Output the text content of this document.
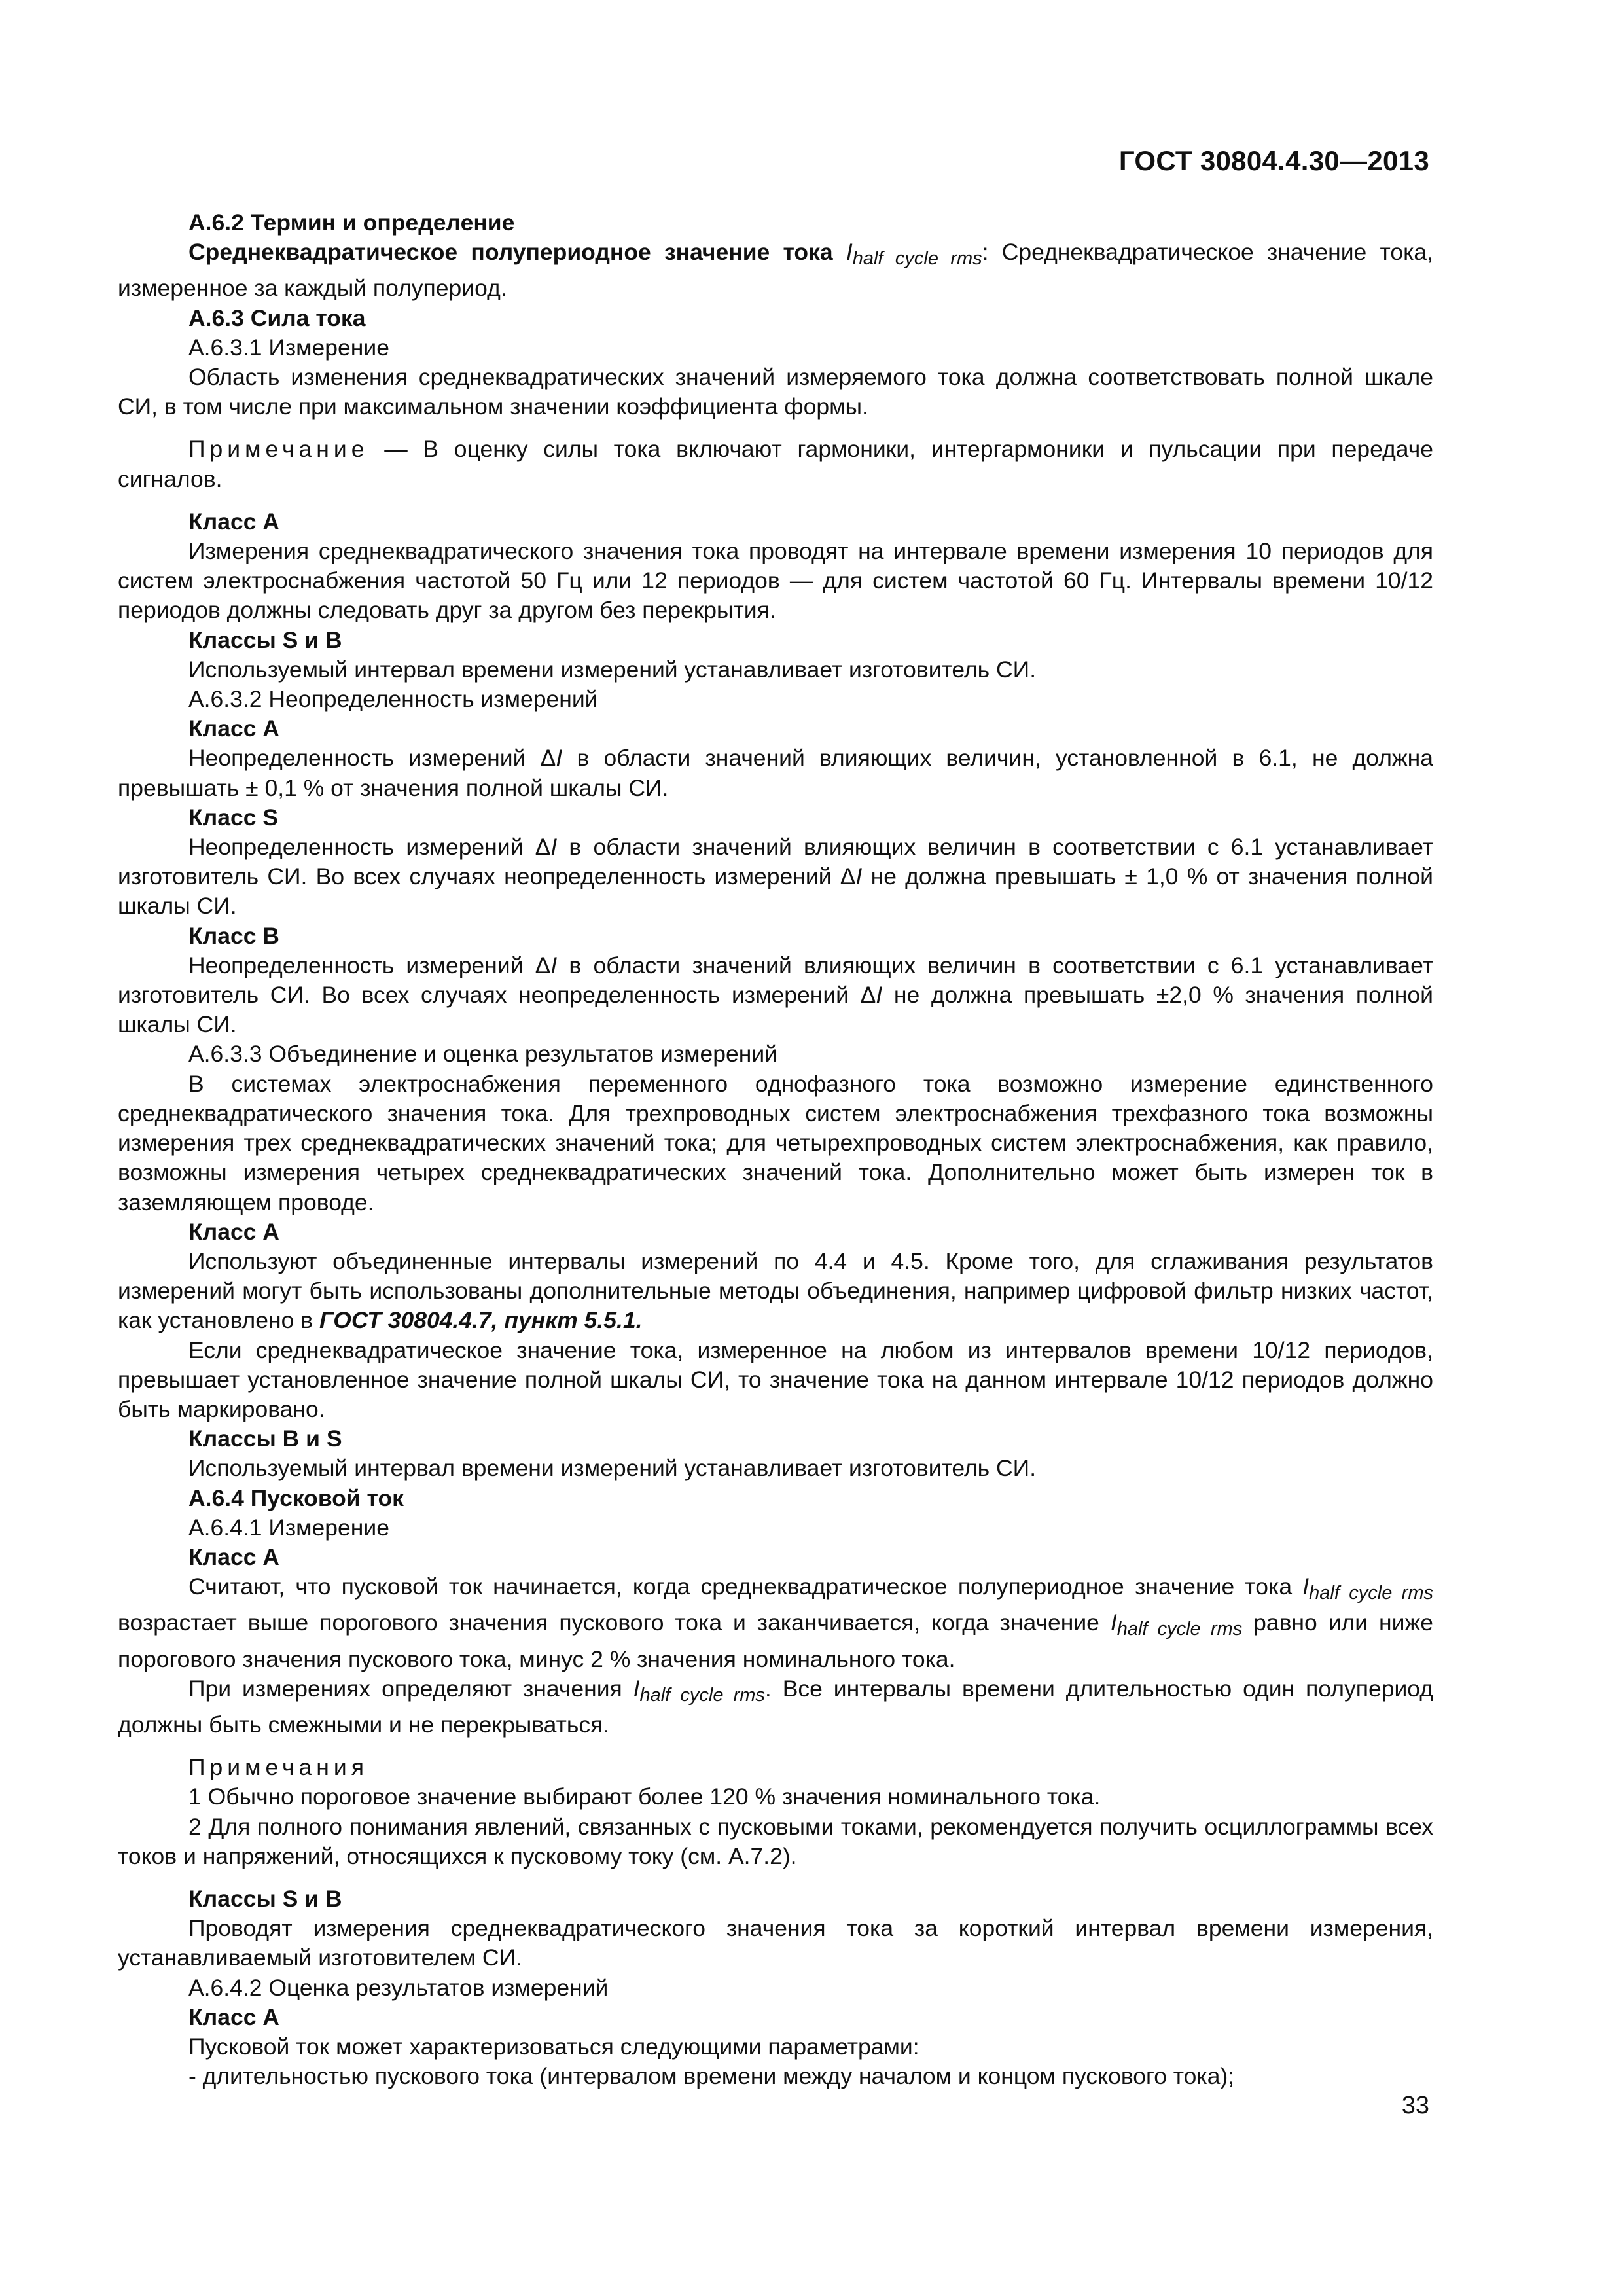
ГОСТ 30804.4.30—2013

А.6.2 Термин и определение

Среднеквадратическое полупериодное значение тока $I_{half cycle rms}$: Среднеквадратическое значение тока, измеренное за каждый полупериод.

А.6.3 Сила тока

А.6.3.1 Измерение

Область изменения среднеквадратических значений измеряемого тока должна соответствовать полной шкале СИ, в том числе при максимальном значении коэффициента формы.

Примечание — В оценку силы тока включают гармоники, интергармоники и пульсации при передаче сигналов.

Класс А

Измерения среднеквадратического значения тока проводят на интервале времени измерения 10 периодов для систем электроснабжения частотой 50 Гц или 12 периодов — для систем частотой 60 Гц. Интервалы времени 10/12 периодов должны следовать друг за другом без перекрытия.

Классы S и В

Используемый интервал времени измерений устанавливает изготовитель СИ.

А.6.3.2 Неопределенность измерений

Класс А

Неопределенность измерений ΔI в области значений влияющих величин, установленной в 6.1, не должна превышать ± 0,1 % от значения полной шкалы СИ.

Класс S

Неопределенность измерений ΔI в области значений влияющих величин в соответствии с 6.1 устанавливает изготовитель СИ. Во всех случаях неопределенность измерений ΔI не должна превышать ± 1,0 % от значения полной шкалы СИ.

Класс В

Неопределенность измерений ΔI в области значений влияющих величин в соответствии с 6.1 устанавливает изготовитель СИ. Во всех случаях неопределенность измерений ΔI не должна превышать ±2,0 % значения полной шкалы СИ.

А.6.3.3 Объединение и оценка результатов измерений

В системах электроснабжения переменного однофазного тока возможно измерение единственного среднеквадратического значения тока. Для трехпроводных систем электроснабжения трехфазного тока возможны измерения трех среднеквадратических значений тока; для четырехпроводных систем электроснабжения, как правило, возможны измерения четырех среднеквадратических значений тока. Дополнительно может быть измерен ток в заземляющем проводе.

Класс А

Используют объединенные интервалы измерений по 4.4 и 4.5. Кроме того, для сглаживания результатов измерений могут быть использованы дополнительные методы объединения, например цифровой фильтр низких частот, как установлено в ГОСТ 30804.4.7, пункт 5.5.1.

Если среднеквадратическое значение тока, измеренное на любом из интервалов времени 10/12 периодов, превышает установленное значение полной шкалы СИ, то значение тока на данном интервале 10/12 периодов должно быть маркировано.

Классы В и S

Используемый интервал времени измерений устанавливает изготовитель СИ.

А.6.4 Пусковой ток

А.6.4.1 Измерение

Класс А

Считают, что пусковой ток начинается, когда среднеквадратическое полупериодное значение тока $I_{half cycle rms}$ возрастает выше порогового значения пускового тока и заканчивается, когда значение $I_{half cycle rms}$ равно или ниже порогового значения пускового тока, минус 2 % значения номинального тока.

При измерениях определяют значения $I_{half cycle rms}$. Все интервалы времени длительностью один полупериод должны быть смежными и не перекрываться.

Примечания

1 Обычно пороговое значение выбирают более 120 % значения номинального тока.

2 Для полного понимания явлений, связанных с пусковыми токами, рекомендуется получить осциллограммы всех токов и напряжений, относящихся к пусковому току (см. А.7.2).

Классы S и В

Проводят измерения среднеквадратического значения тока за короткий интервал времени измерения, устанавливаемый изготовителем СИ.

А.6.4.2 Оценка результатов измерений

Класс А

Пусковой ток может характеризоваться следующими параметрами:

- длительностью пускового тока (интервалом времени между началом и концом пускового тока);

33
